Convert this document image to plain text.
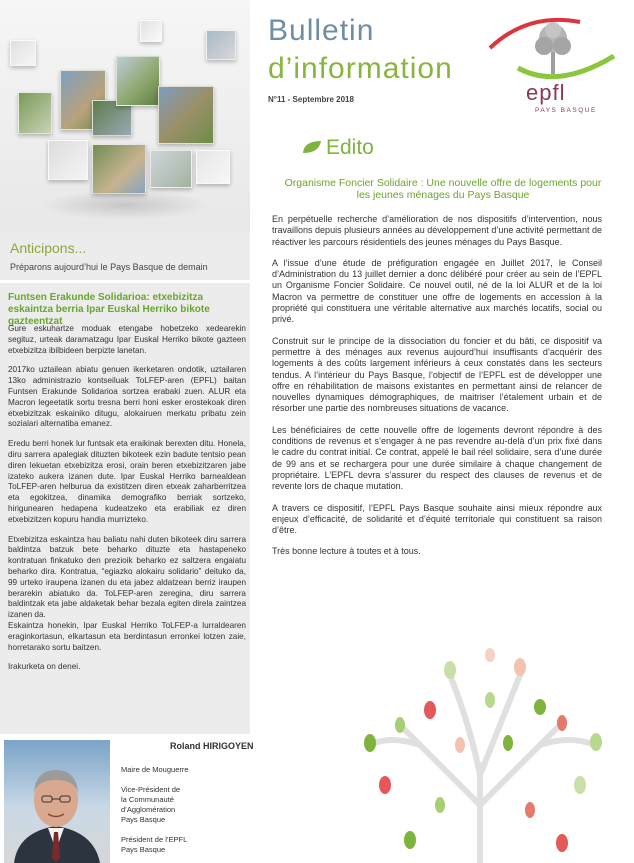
Anticipons...
Préparons aujourd’hui le Pays Basque de demain
Funtsen Erakunde Solidarioa: etxebizitza eskaintza berria Ipar Euskal Herriko bikote gazteentzat

Gure eskuhartze moduak etengabe hobetzeko xedearekin segituz, urteak daramatzagu Ipar Euskal Herriko bikote gazteen etxebizitza ibilbideen berpizte lanetan.

2017ko uztailean abiatu genuen ikerketaren ondotik, uztailaren 13ko administrazio kontseiluak ToLFEP-aren (EPFL) baitan Funtsen Erakunde Solidarioa sortzea erabaki zuen. ALUR eta Macron legeetatik sortu tresna berri honi esker erostekoak diren etxebizitzak eskainiko ditugu, alokairuen merkatu pribatu zein sozialari alternatiba emanez.

Eredu berri honek lur funtsak eta eraikinak berexten ditu. Honela, diru sarrera apalegiak dituzten bikoteek ezin badute tentsio pean diren lekuetan etxebizitza erosi, orain beren etxebizitzaren jabe izateko aukera izanen dute. Ipar Euskal Herriko barnealdean ToLFEP-aren helburua da existitzen diren etxeak zaharberritzea eta egokitzea, dinamika demografiko berriak sortzeko, hirigunearen hedapena kudeatzeko eta erabiliak ez diren etxebizitzen kopuru handia murrizteko.

Etxebizitza eskaintza hau baliatu nahi duten bikoteek diru sarrera baldintza batzuk bete beharko dituzte eta hastapeneko kontratuan finkatuko den prezioik beharko ez saltzera engaiatu beharko dira. Kontratua, “egiazko alokairu solidario” deituko da, 99 urteko iraupena izanen du eta jabez aldatzean berriz iraupen berarekin abiatuko da. ToLFEP-aren zeregina, diru sarrera baldintzak eta jabe aldaketak behar bezala egiten direla zaintzea izanen da.
Eskaintza honekin, Ipar Euskal Herriko ToLFEP-a lurraldearen eraginkortasun, elkartasun eta berdintasun erronkei lotzen zaie, horretarako sortu baitzen.

Irakurketa on denei.

Roland HIRIGOYEN
Maire de Mouguerre
Vice-Président de
la Communauté
d’Agglomération
Pays Basque
Président de l’EPFL
Pays Basque
Bulletin
d’information
N°11 - Septembre 2018	epfl
PAYS BASQUE
Edito
Organisme Foncier Solidaire : Une nouvelle offre de logements pour les jeunes ménages du Pays Basque

En perpétuelle recherche d’amélioration de nos dispositifs d’intervention, nous travaillons depuis plusieurs années au développement d’une activité permettant de réactiver les parcours résidentiels des jeunes ménages du Pays Basque.

A l’issue d’une étude de préfiguration engagée en Juillet 2017, le Conseil d’Administration du 13 juillet dernier a donc délibéré pour créer au sein de l’EPFL un Organisme Foncier Solidaire. Ce nouvel outil, né de la loi ALUR et de la loi Macron va permettre de constituer une offre de logements en accession à la propriété qui constituera une véritable alternative aux marchés locatifs, social ou privé.

Construit sur le principe de la dissociation du foncier et du bâti, ce dispositif va permettre à des ménages aux revenus aujourd’hui insuffisants d’acquérir des logements à des coûts largement inférieurs à ceux constatés dans les secteurs tendus. A l’intérieur du Pays Basque, l’objectif de l’EPFL est de développer une offre en réhabilitation de maisons existantes en permettant ainsi de relancer de nouvelles dynamiques démographiques, de maitriser l’étalement urbain et de résorber une partie des nombreuses situations de vacance.

Les bénéficiaires de cette nouvelle offre de logements devront répondre à des conditions de revenus et s’engager à ne pas revendre au-delà d’un prix fixé dans le cadre du contrat initial. Ce contrat, appelé le bail réel solidaire, sera d’une durée de 99 ans et se rechargera pour une durée similaire à chaque changement de propriétaire. L’EPFL devra s’assurer du respect des clauses de revenus et de revente lors de chaque mutation.

A travers ce dispositif, l’EPFL Pays Basque souhaite ainsi mieux répondre aux enjeux d’efficacité, de solidarité et d’équité territoriale qui constituent sa raison d’être.

Très bonne lecture à toutes et à tous.
